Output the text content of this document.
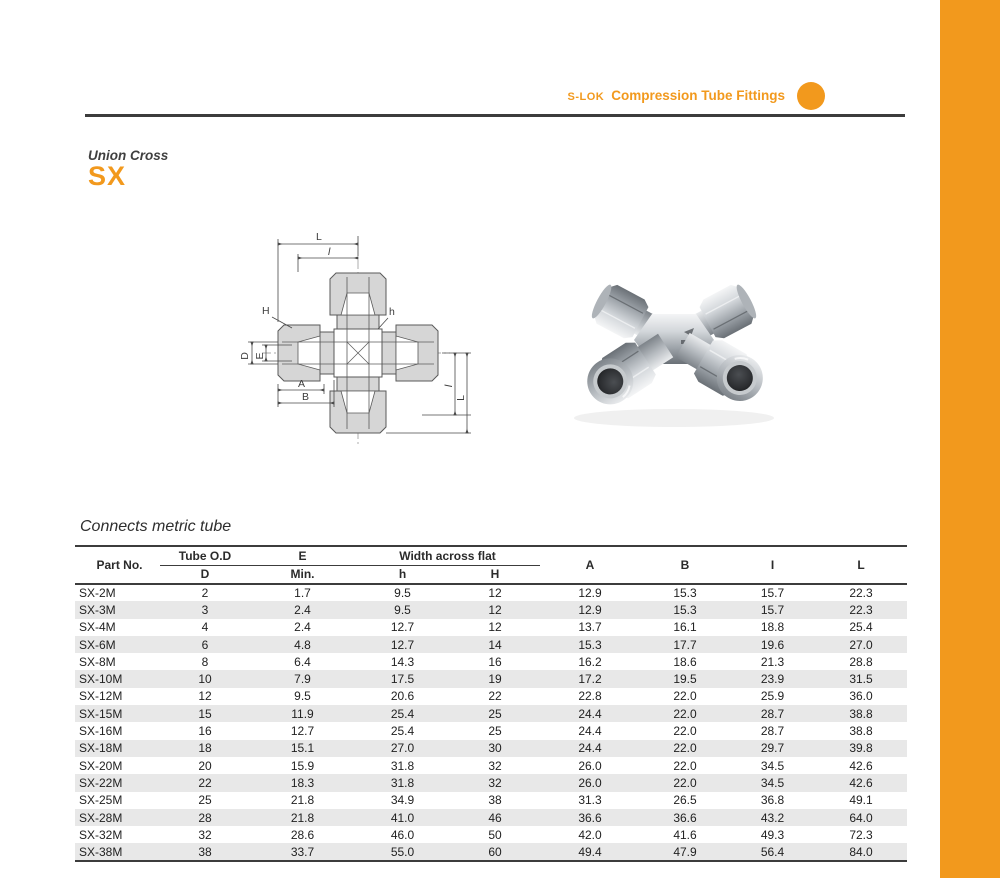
S-LOK Compression Tube Fittings
Union Cross
SX
L
l
H	h
D E
A
B
l
L
Connects metric tube
Part No.	Tube O.D	E	Width across flat		A	B	I	L
	D	Min.	h	H				
SX-2M	2	1.7	9.5	12	12.9	15.3	15.7	22.3
SX-3M	3	2.4	9.5	12	12.9	15.3	15.7	22.3
SX-4M	4	2.4	12.7	12	13.7	16.1	18.8	25.4
SX-6M	6	4.8	12.7	14	15.3	17.7	19.6	27.0
SX-8M	8	6.4	14.3	16	16.2	18.6	21.3	28.8
SX-10M	10	7.9	17.5	19	17.2	19.5	23.9	31.5
SX-12M	12	9.5	20.6	22	22.8	22.0	25.9	36.0
SX-15M	15	11.9	25.4	25	24.4	22.0	28.7	38.8
SX-16M	16	12.7	25.4	25	24.4	22.0	28.7	38.8
SX-18M	18	15.1	27.0	30	24.4	22.0	29.7	39.8
SX-20M	20	15.9	31.8	32	26.0	22.0	34.5	42.6
SX-22M	22	18.3	31.8	32	26.0	22.0	34.5	42.6
SX-25M	25	21.8	34.9	38	31.3	26.5	36.8	49.1
SX-28M	28	21.8	41.0	46	36.6	36.6	43.2	64.0
SX-32M	32	28.6	46.0	50	42.0	41.6	49.3	72.3
SX-38M	38	33.7	55.0	60	49.4	47.9	56.4	84.0
